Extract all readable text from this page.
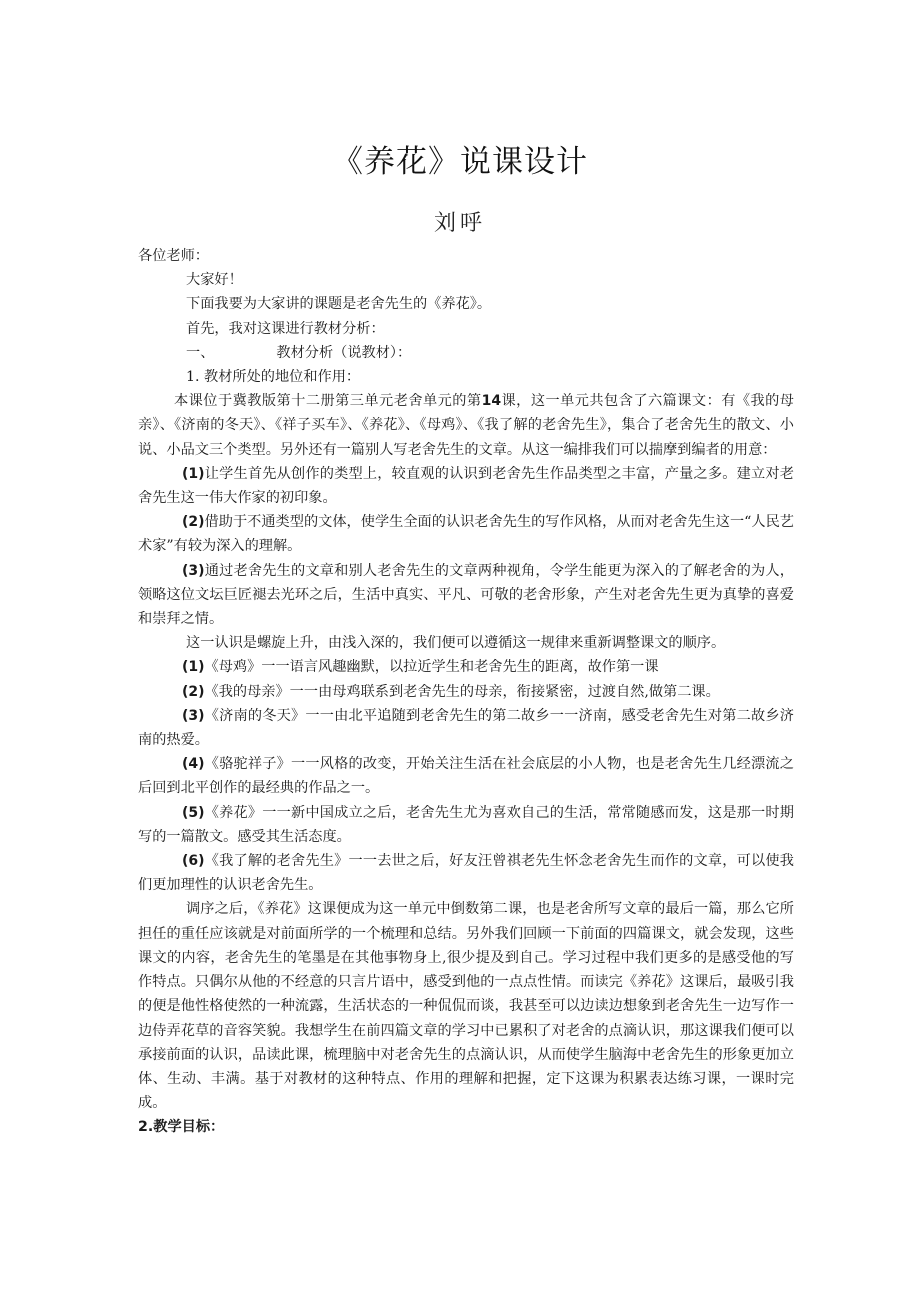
《养花》说课设计
刘呼

各位老师：

大家好！

下面我要为大家讲的课题是老舍先生的《养花》。

首先，我对这课进行教材分析：

一、	教材分析（说教材）：

1. 教材所处的地位和作用：

本课位于冀教版第十二册第三单元老舍单元的第14课，这一单元共包含了六篇课文：有《我的母亲》、《济南的冬天》、《祥子买车》、《养花》、《母鸡》、《我了解的老舍先生》，集合了老舍先生的散文、小说、小品文三个类型。另外还有一篇别人写老舍先生的文章。从这一编排我们可以揣摩到编者的用意：

(1)让学生首先从创作的类型上，较直观的认识到老舍先生作品类型之丰富，产量之多。建立对老舍先生这一伟大作家的初印象。

(2)借助于不通类型的文体，使学生全面的认识老舍先生的写作风格，从而对老舍先生这一“人民艺术家”有较为深入的理解。

(3)通过老舍先生的文章和别人老舍先生的文章两种视角，令学生能更为深入的了解老舍的为人，领略这位文坛巨匠褪去光环之后，生活中真实、平凡、可敬的老舍形象，产生对老舍先生更为真挚的喜爱和崇拜之情。

这一认识是螺旋上升，由浅入深的，我们便可以遵循这一规律来重新调整课文的顺序。

(1)《母鸡》一一语言风趣幽默，以拉近学生和老舍先生的距离，故作第一课

(2)《我的母亲》一一由母鸡联系到老舍先生的母亲，衔接紧密，过渡自然,做第二课。

(3)《济南的冬天》一一由北平追随到老舍先生的第二故乡一一济南，感受老舍先生对第二故乡济南的热爱。

(4)《骆驼祥子》一一风格的改变，开始关注生活在社会底层的小人物，也是老舍先生几经漂流之后回到北平创作的最经典的作品之一。

(5)《养花》一一新中国成立之后，老舍先生尤为喜欢自己的生活，常常随感而发，这是那一时期写的一篇散文。感受其生活态度。

(6)《我了解的老舍先生》一一去世之后，好友汪曾祺老先生怀念老舍先生而作的文章，可以使我们更加理性的认识老舍先生。

调序之后，《养花》这课便成为这一单元中倒数第二课，也是老舍所写文章的最后一篇，那么它所担任的重任应该就是对前面所学的一个梳理和总结。另外我们回顾一下前面的四篇课文，就会发现，这些课文的内容，老舍先生的笔墨是在其他事物身上,很少提及到自己。学习过程中我们更多的是感受他的写作特点。只偶尔从他的不经意的只言片语中，感受到他的一点点性情。而读完《养花》这课后，最吸引我的便是他性格使然的一种流露，生活状态的一种侃侃而谈，我甚至可以边读边想象到老舍先生一边写作一边侍弄花草的音容笑貌。我想学生在前四篇文章的学习中已累积了对老舍的点滴认识，那这课我们便可以承接前面的认识，品读此课，梳理脑中对老舍先生的点滴认识，从而使学生脑海中老舍先生的形象更加立体、生动、丰满。基于对教材的这种特点、作用的理解和把握，定下这课为积累表达练习课，一课时完成。

2.教学目标：
